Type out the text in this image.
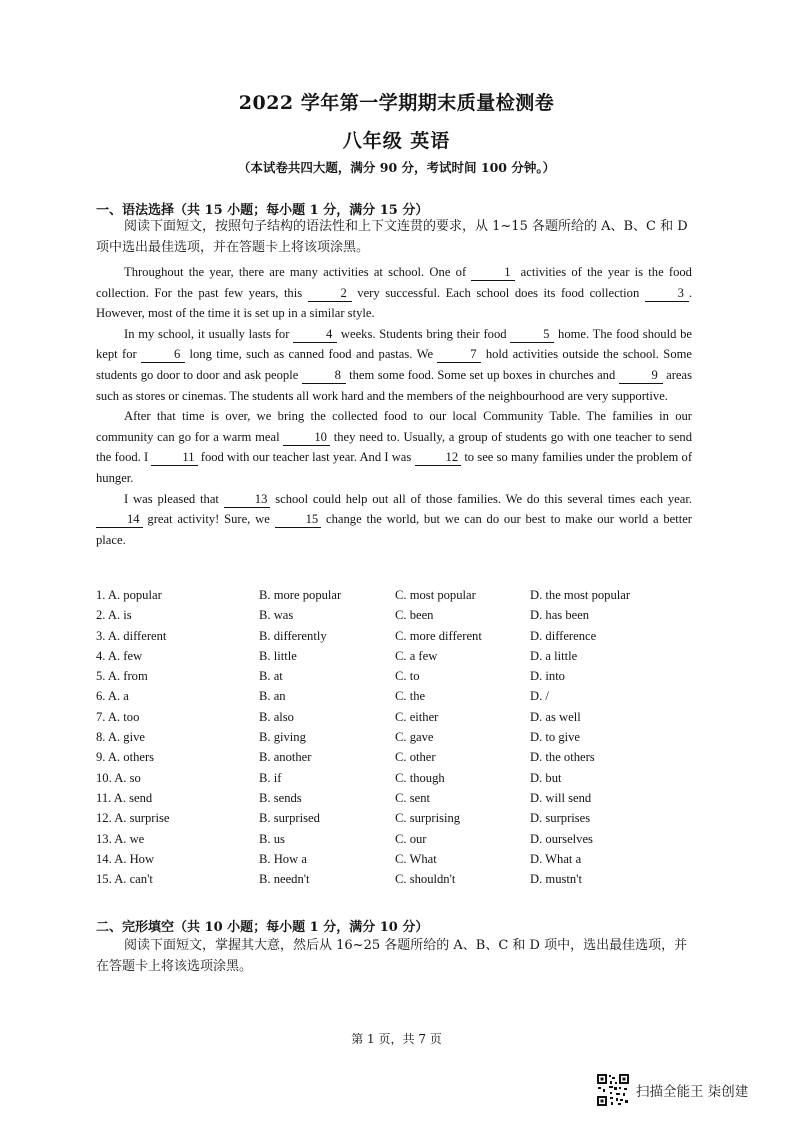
2022 学年第一学期期末质量检测卷
八年级 英语
（本试卷共四大题，满分 90 分，考试时间 100 分钟。）
一、语法选择（共 15 小题；每小题 1 分，满分 15 分）
阅读下面短文，按照句子结构的语法性和上下文连贯的要求，从 1~15 各题所给的 A、B、C 和 D 项中选出最佳选项，并在答题卡上将该项涂黑。

Throughout the year, there are many activities at school. One of	1 activities of the year is the food collection. For the past few years, this	2 very successful. Each school does its food collection	3 . However, most of the time it is set up in a similar style.

In my school, it usually lasts for	4 weeks. Students bring their food	5 home. The food should be kept for	6 long time, such as canned food and pastas. We	7 hold activities outside the school. Some students go door to door and ask people	8 them some food. Some set up boxes in churches and	9 areas such as stores or cinemas. The students all work hard and the members of the neighbourhood are very supportive.

After that time is over, we bring the collected food to our local Community Table. The families in our community can go for a warm meal	10 they need to. Usually, a group of students go with one teacher to send the food. I	11 food with our teacher last year. And I was	12 to see so many families under the problem of hunger.

I was pleased that	13 school could help out all of those families. We do this several times each year. 14 great activity! Sure, we	15 change the world, but we can do our best to make our world a better place.

1. A. popular	B. more popular	C. most popular	D. the most popular
2. A. is	B. was	C. been	D. has been
3. A. different	B. differently	C. more different	D. difference
4. A. few	B. little	C. a few	D. a little
5. A. from	B. at	C. to	D. into
6. A. a	B. an	C. the	D. /
7. A. too	B. also	C. either	D. as well
8. A. give	B. giving	C. gave	D. to give
9. A. others	B. another	C. other	D. the others
10. A. so	B. if	C. though	D. but
11. A. send	B. sends	C. sent	D. will send
12. A. surprise	B. surprised	C. surprising	D. surprises
13. A. we	B. us	C. our	D. ourselves
14. A. How	B. How a	C. What	D. What a
15. A. can't	B. needn't	C. shouldn't	D. mustn't
二、完形填空（共 10 小题；每小题 1 分，满分 10 分）
阅读下面短文，掌握其大意，然后从 16~25 各题所给的 A、B、C 和 D 项中，选出最佳选项，并在答题卡上将该选项涂黑。
第 1 页，共 7 页
扫描全能王 柒创建
